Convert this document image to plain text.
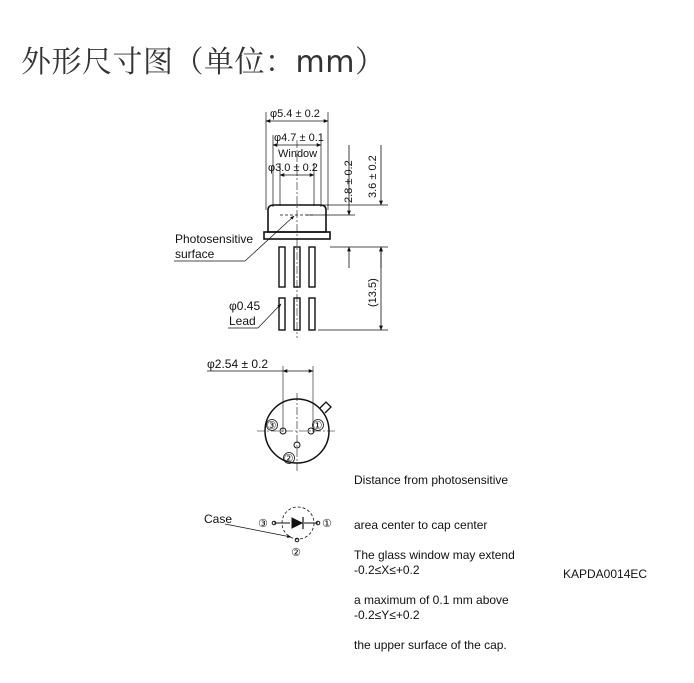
外形尺寸图（单位：mm）
φ5.4 ± 0.2
φ4.7 ± 0.1
Window
φ3.0 ± 0.2 2.8 ± 0.2 3.6 ± 0.2
(13.5)
Photosensitive
surface
φ0.45
Lead
φ2.54 ± 0.2
③	①
②
Case ③	①
②

Distance from photosensitive

area center to cap center

-0.2≤X≤+0.2

-0.2≤Y≤+0.2

The glass window may extend

a maximum of 0.1 mm above

the upper surface of the cap.

KAPDA0014EC
